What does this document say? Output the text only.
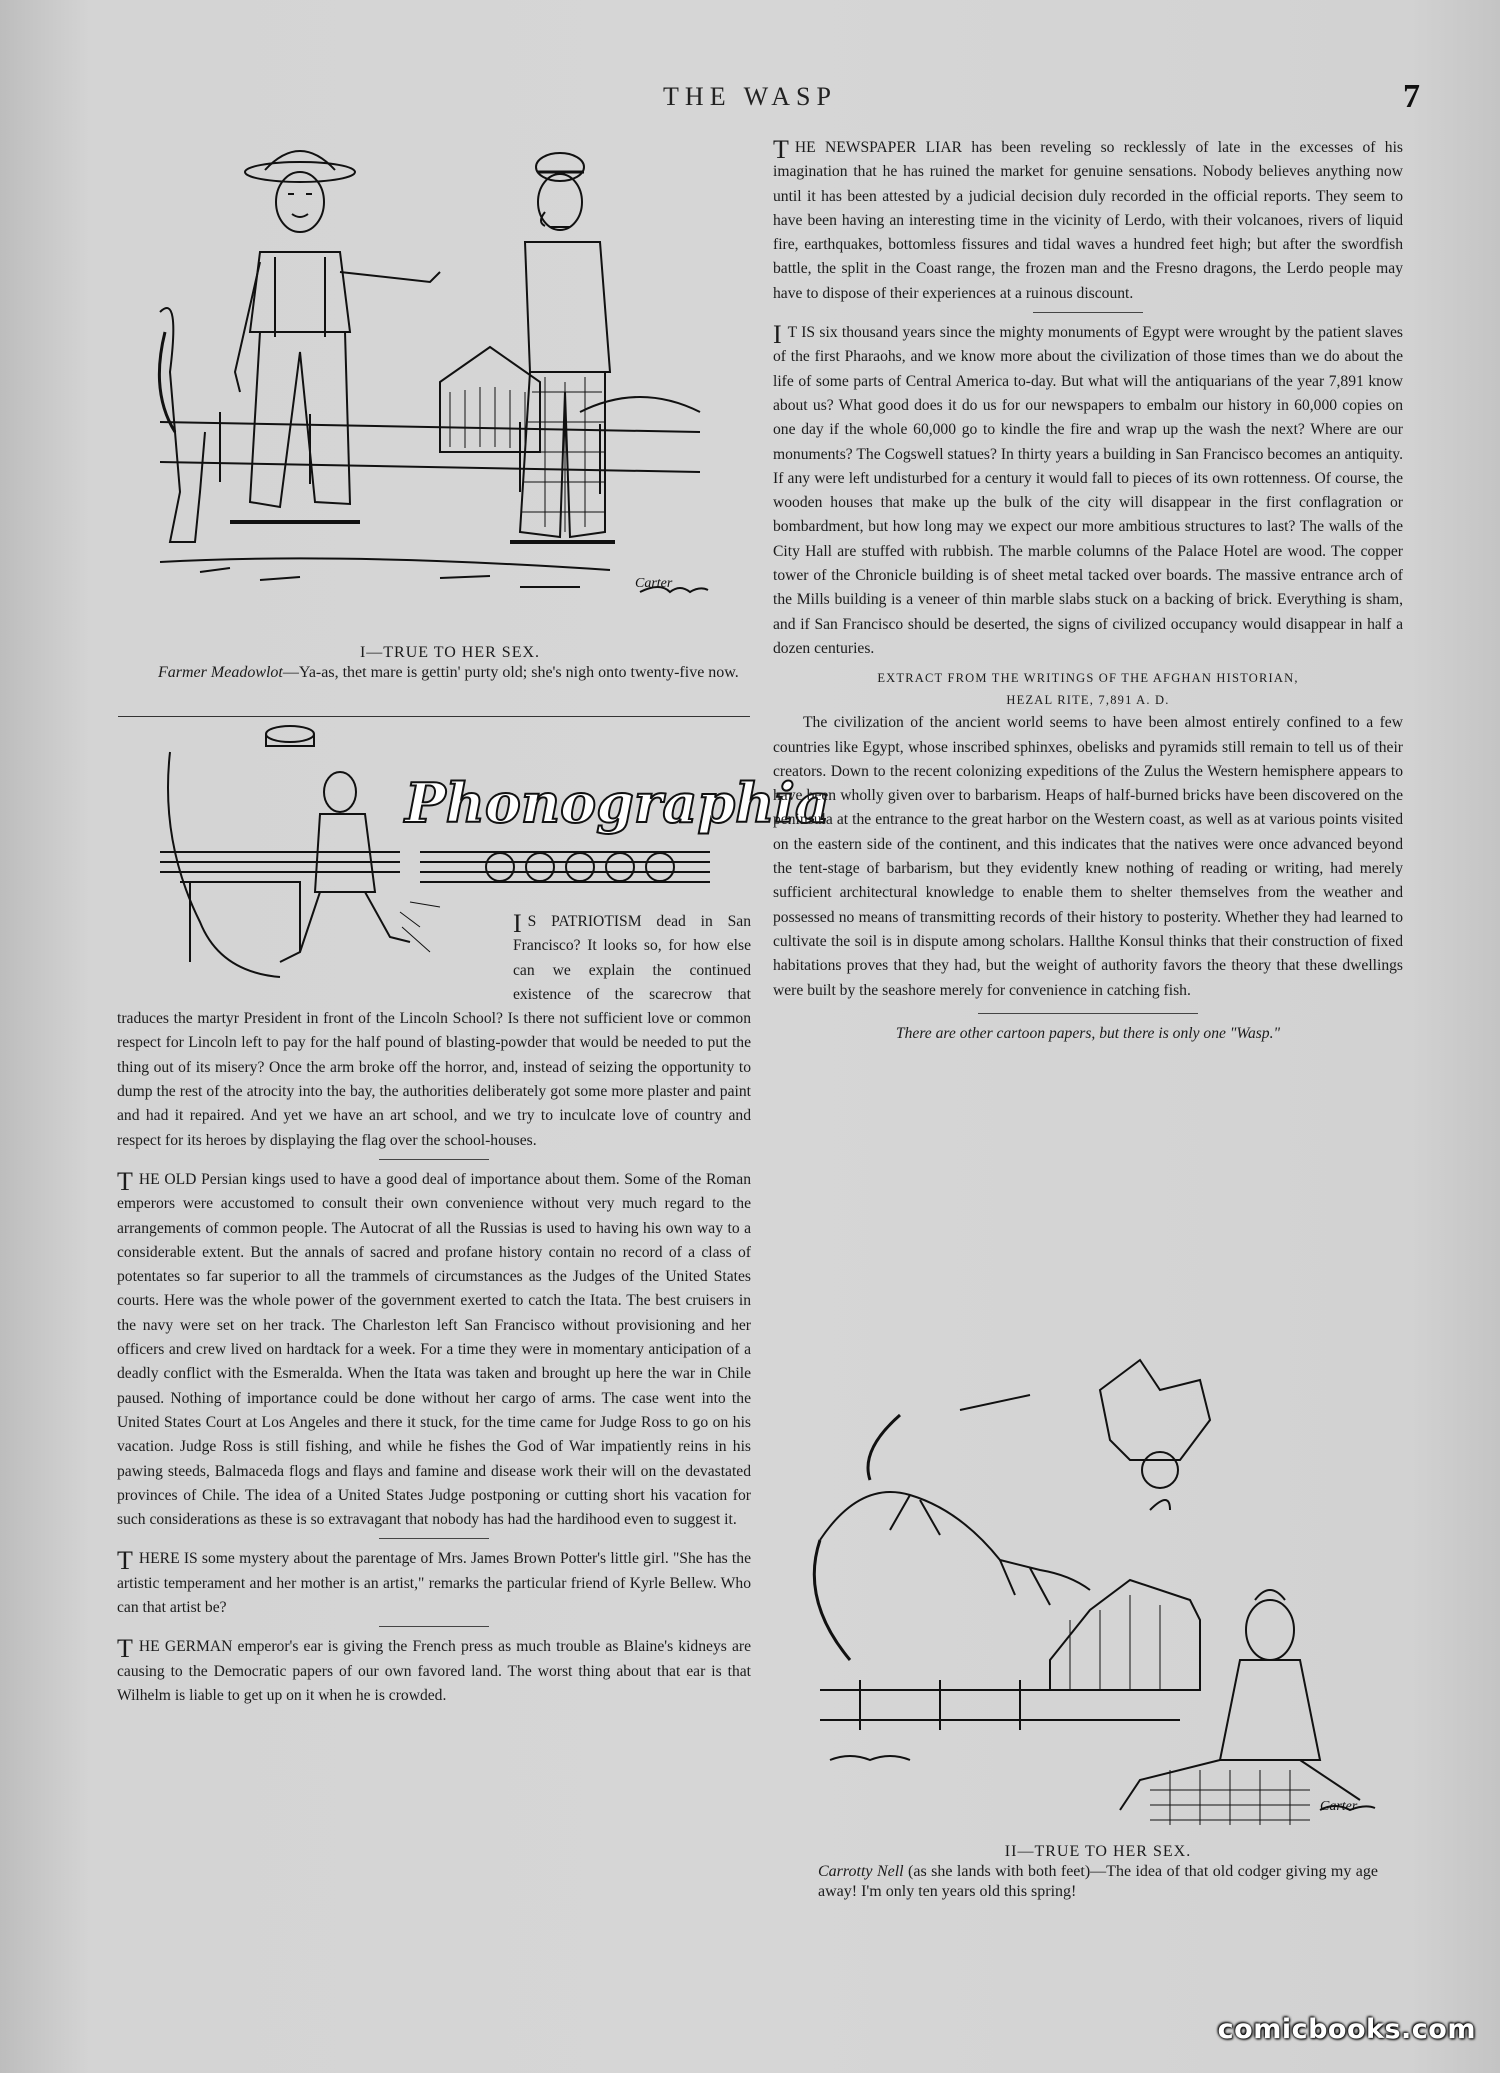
THE WASP	7
Carter
I—TRUE TO HER SEX.
Farmer Meadowlot—Ya-as, thet mare is gettin' purty old; she's nigh onto twenty-five now.
Phonographia

I S PATRIOTISM dead in San Francisco? It looks so, for how else can we explain the continued existence of the scarecrow that traduces the martyr President in front of the Lincoln School? Is there not sufficient love or common respect for Lincoln left to pay for the half pound of blasting-powder that would be needed to put the thing out of its misery? Once the arm broke off the horror, and, instead of seizing the opportunity to dump the rest of the atrocity into the bay, the authorities deliberately got some more plaster and paint and had it repaired. And yet we have an art school, and we try to inculcate love of country and respect for its heroes by displaying the flag over the school-houses.

THE OLD Persian kings used to have a good deal of importance about them. Some of the Roman emperors were accustomed to consult their own convenience without very much regard to the arrangements of common people. The Autocrat of all the Russias is used to having his own way to a considerable extent. But the annals of sacred and profane history contain no record of a class of potentates so far superior to all the trammels of circumstances as the Judges of the United States courts. Here was the whole power of the government exerted to catch the Itata. The best cruisers in the navy were set on her track. The Charleston left San Francisco without provisioning and her officers and crew lived on hardtack for a week. For a time they were in momentary anticipation of a deadly conflict with the Esmeralda. When the Itata was taken and brought up here the war in Chile paused. Nothing of importance could be done without her cargo of arms. The case went into the United States Court at Los Angeles and there it stuck, for the time came for Judge Ross to go on his vacation. Judge Ross is still fishing, and while he fishes the God of War impatiently reins in his pawing steeds, Balmaceda flogs and flays and famine and disease work their will on the devastated provinces of Chile. The idea of a United States Judge postponing or cutting short his vacation for such considerations as these is so extravagant that nobody has had the hardihood even to suggest it.

THERE IS some mystery about the parentage of Mrs. James Brown Potter's little girl. "She has the artistic temperament and her mother is an artist," remarks the particular friend of Kyrle Bellew. Who can that artist be?

THE GERMAN emperor's ear is giving the French press as much trouble as Blaine's kidneys are causing to the Democratic papers of our own favored land. The worst thing about that ear is that Wilhelm is liable to get up on it when he is crowded.

THE NEWSPAPER LIAR has been reveling so recklessly of late in the excesses of his imagination that he has ruined the market for genuine sensations. Nobody believes anything now until it has been attested by a judicial decision duly recorded in the official reports. They seem to have been having an interesting time in the vicinity of Lerdo, with their volcanoes, rivers of liquid fire, earthquakes, bottomless fissures and tidal waves a hundred feet high; but after the swordfish battle, the split in the Coast range, the frozen man and the Fresno dragons, the Lerdo people may have to dispose of their experiences at a ruinous discount.

I T IS six thousand years since the mighty monuments of Egypt were wrought by the patient slaves of the first Pharaohs, and we know more about the civilization of those times than we do about the life of some parts of Central America to-day. But what will the antiquarians of the year 7,891 know about us? What good does it do us for our newspapers to embalm our history in 60,000 copies on one day if the whole 60,000 go to kindle the fire and wrap up the wash the next? Where are our monuments? The Cogswell statues? In thirty years a building in San Francisco becomes an antiquity. If any were left undisturbed for a century it would fall to pieces of its own rottenness. Of course, the wooden houses that make up the bulk of the city will disappear in the first conflagration or bombardment, but how long may we expect our more ambitious structures to last? The walls of the City Hall are stuffed with rubbish. The marble columns of the Palace Hotel are wood. The copper tower of the Chronicle building is of sheet metal tacked over boards. The massive entrance arch of the Mills building is a veneer of thin marble slabs stuck on a backing of brick. Everything is sham, and if San Francisco should be deserted, the signs of civilized occupancy would disappear in half a dozen centuries.

EXTRACT FROM THE WRITINGS OF THE AFGHAN HISTORIAN,
HEZAL RITE, 7,891 A. D.

The civilization of the ancient world seems to have been almost entirely confined to a few countries like Egypt, whose inscribed sphinxes, obelisks and pyramids still remain to tell us of their creators. Down to the recent colonizing expeditions of the Zulus the Western hemisphere appears to have been wholly given over to barbarism. Heaps of half-burned bricks have been discovered on the peninsula at the entrance to the great harbor on the Western coast, as well as at various points visited on the eastern side of the continent, and this indicates that the natives were once advanced beyond the tent-stage of barbarism, but they evidently knew nothing of reading or writing, had merely sufficient architectural knowledge to enable them to shelter themselves from the weather and possessed no means of transmitting records of their history to posterity. Whether they had learned to cultivate the soil is in dispute among scholars. Hallthe Konsul thinks that their construction of fixed habitations proves that they had, but the weight of authority favors the theory that these dwellings were built by the seashore merely for convenience in catching fish.

There are other cartoon papers, but there is only one "Wasp."

Carter
II—TRUE TO HER SEX.
Carrotty Nell (as she lands with both feet)—The idea of that old codger giving my age away! I'm only ten years old this spring!
comicbooks.com
